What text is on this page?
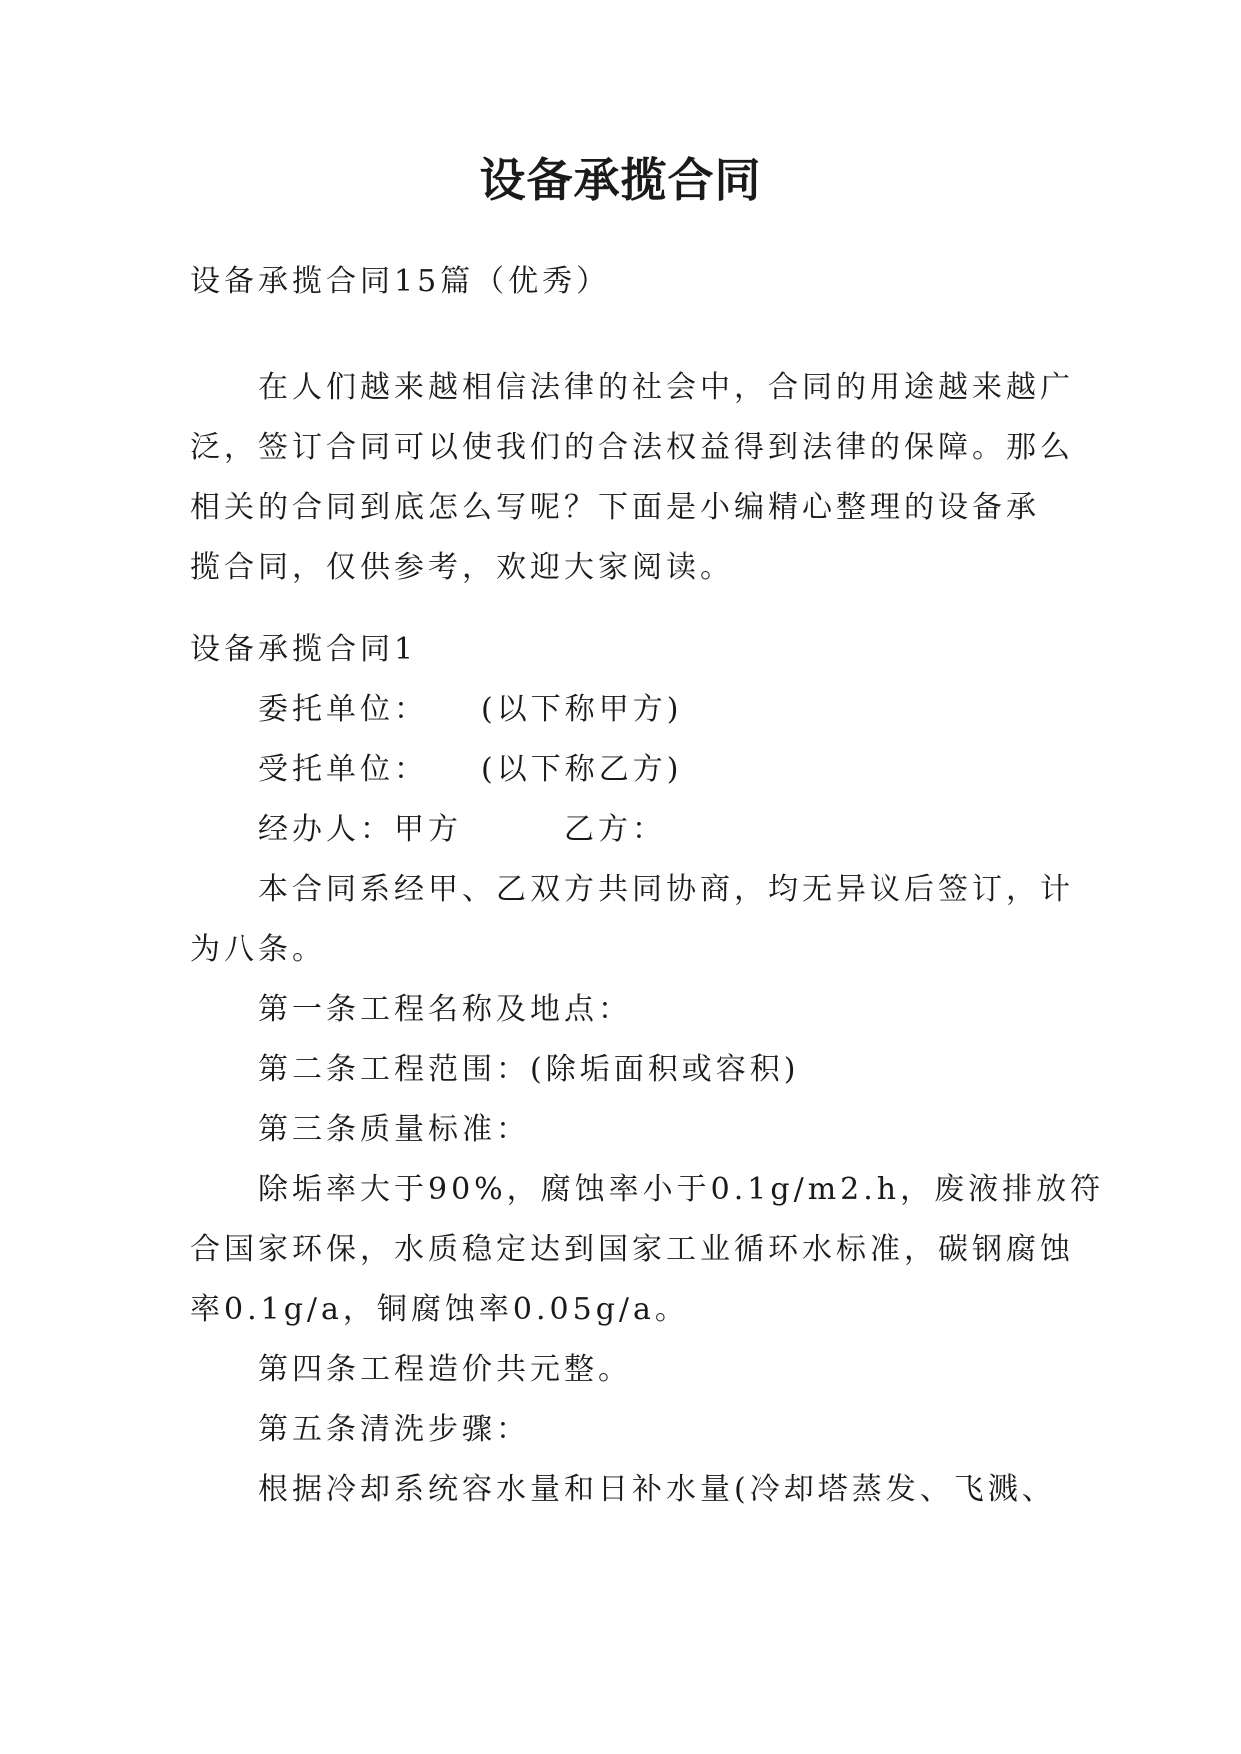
设备承揽合同
设备承揽合同15篇（优秀）
在人们越来越相信法律的社会中，合同的用途越来越广
泛，签订合同可以使我们的合法权益得到法律的保障。那么
相关的合同到底怎么写呢？下面是小编精心整理的设备承
揽合同，仅供参考，欢迎大家阅读。
设备承揽合同1
委托单位：　　(以下称甲方)
受托单位：　　(以下称乙方)
经办人：甲方　　　乙方：
本合同系经甲、乙双方共同协商，均无异议后签订，计
为八条。
第一条工程名称及地点：
第二条工程范围：(除垢面积或容积)
第三条质量标准：
除垢率大于90%，腐蚀率小于0.1g/m2.h，废液排放符
合国家环保，水质稳定达到国家工业循环水标准，碳钢腐蚀
率0.1g/a，铜腐蚀率0.05g/a。
第四条工程造价共元整。
第五条清洗步骤：
根据冷却系统容水量和日补水量(冷却塔蒸发、飞溅、
